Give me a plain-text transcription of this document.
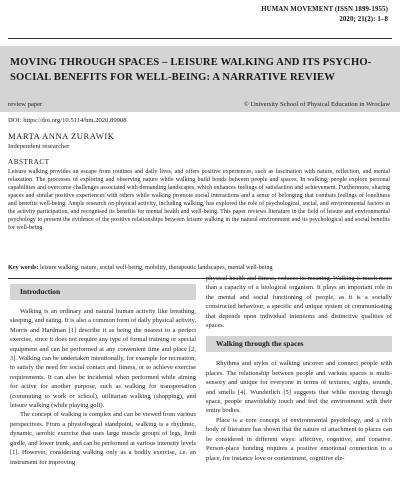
HUMAN MOVEMENT (ISSN 1899-1955)
2020; 21(2): 1–8
MOVING THROUGH SPACES – LEISURE WALKING AND ITS PSYCHO-SOCIAL BENEFITS FOR WELL-BEING: A NARRATIVE REVIEW
review paper	© University School of Physical Education in Wroclaw
DOI: https://doi.org/10.5114/hm.2020.89908
MARTA ANNA ZURAWIK
Independent researcher
ABSTRACT
Leisure walking provides an escape from routines and daily lives, and offers positive experiences, such as fascination with nature, reflection, and mental relaxation. The processes of exploring and observing nature while walking build bonds between people and spaces. In walking, people explore personal capabilities and overcome challenges associated with demanding landscapes, which enhances feelings of satisfaction and achievement. Furthermore, sharing spaces and similar positive experiences with others while walking promote social interactions and a sense of belonging that combats feelings of loneliness and benefits well-being. Ample research on physical activity, including walking, has explored the role of psychological, social, and environmental factors in the activity participation, and recognised its benefits for mental health and well-being. This paper reviews literature in the field of leisure and environmental psychology to present the evidence of the positive relationships between leisure walking in the natural environment and its psychological and social benefits for well-being.
Key words: leisure walking, nature, social well-being, mobility, therapeutic landscapes, mental well-being
Introduction

Walking is an ordinary and natural human activity like breathing, sleeping, and eating. It is also a common form of daily physical activity. Morris and Hardman [1] describe it as being the nearest to a perfect exercise, since it does not require any type of formal training or special equipment and can be performed at any convenient time and place [2, 3]. Walking can be undertaken intentionally, for example for recreation, to satisfy the need for social contact and fitness, or to achieve exercise requirements. It can also be incidental when performed while aiming for active for another purpose, such as walking for transportation (commuting to work or school), utilitarian walking (shopping), and leisure walking (while playing golf).

The concept of walking is complex and can be viewed from various perspectives. From a physiological standpoint, walking is a rhythmic, dynamic, aerobic exercise that uses large muscle groups of legs, limb girdle, and lower trunk, and can be performed at various intensity levels [1]. However, considering walking only as a bodily exercise, i.e. an instrument for improving

physical health and fitness, reduces its meaning. Walking is much more than a capacity of a biological organism. It plays an important role in the mental and social functioning of people, as it is a socially constructed behaviour, a specific and unique system of communicating that depends upon individual intentions and distinctive qualities of spaces.

Walking through the spaces

Rhythms and styles of walking uncover and connect people with places. The relationship between people and various spaces is multi-sensory and unique for everyone in terms of textures, sights, sounds, and smells [4]. Wunderlich [5] suggests that while moving through space, people unavoidably touch and feel the environment with their entire bodies.

Place is a core concept of environmental psychology, and a rich body of literature has shown that the nature of attachment to places can be considered in different ways: affective, cognitive, and conative. Person-place bonding requires a positive emotional connection to a place, for instance love or contentment, cognitive ele-
